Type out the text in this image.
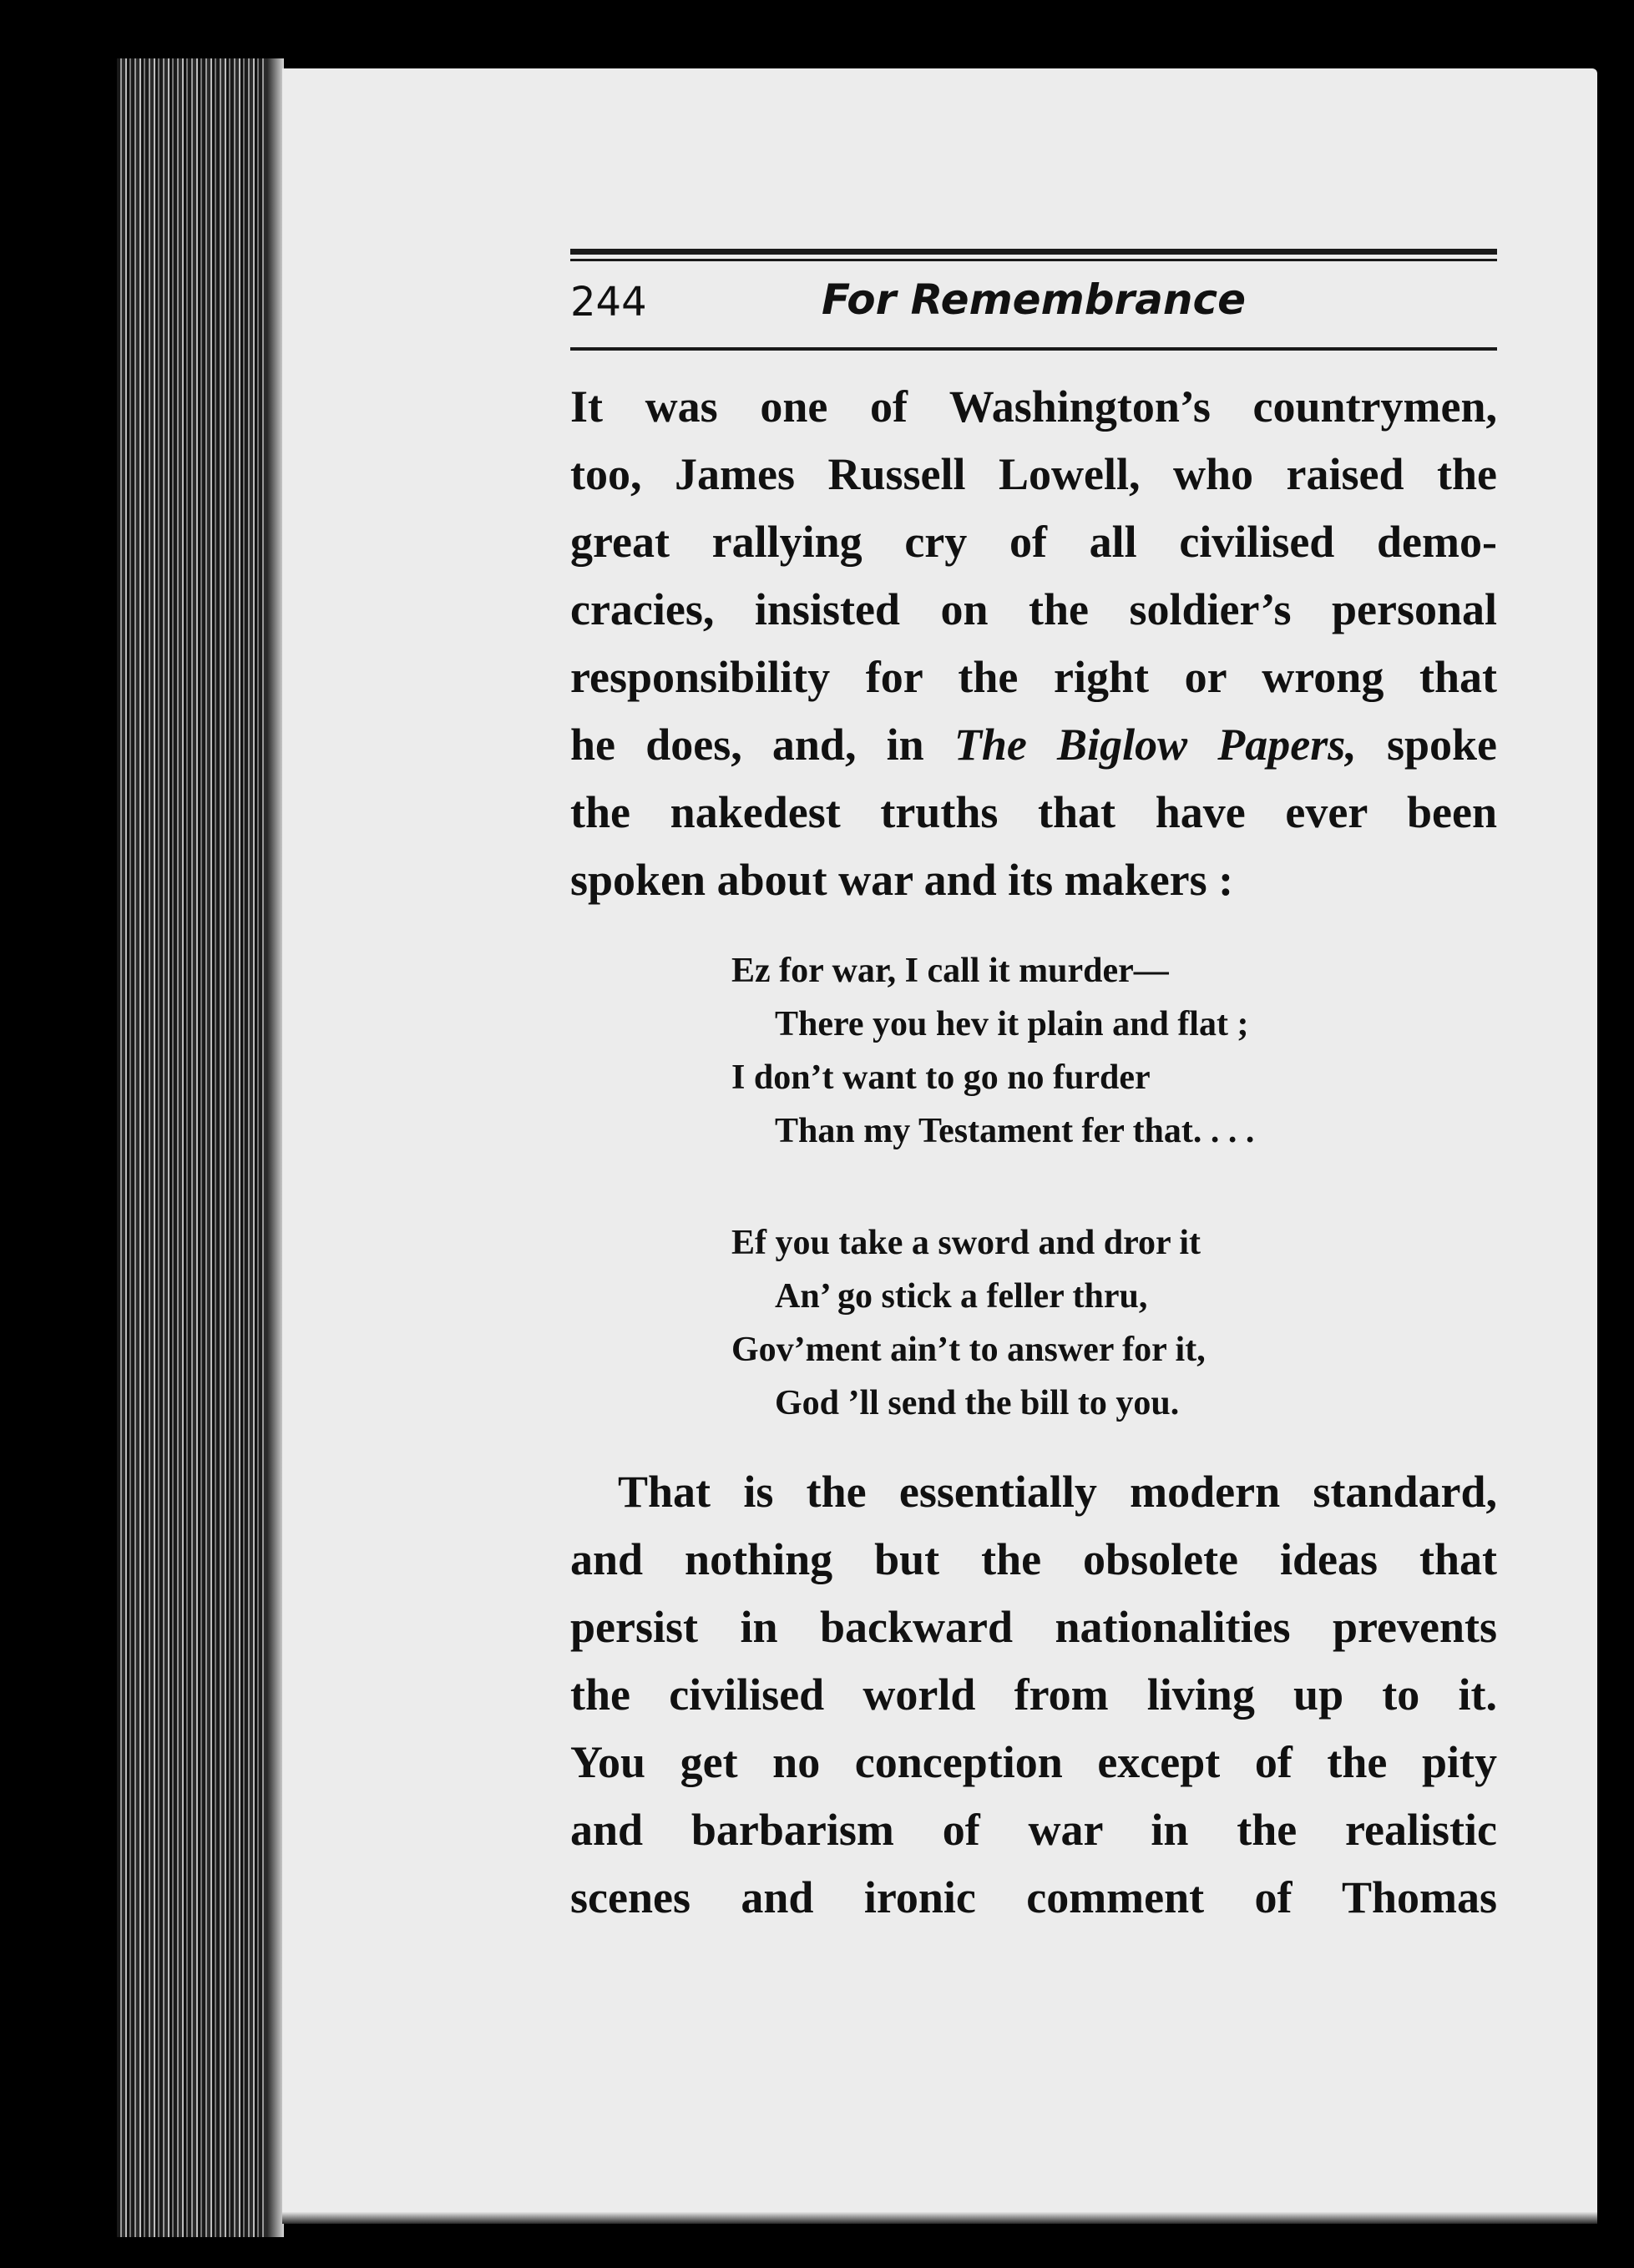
244	For Remembrance

It was one of Washington’s countrymen,
too, James Russell Lowell, who raised the
great rallying cry of all civilised demo-
cracies, insisted on the soldier’s personal
responsibility for the right or wrong that
he does, and, in The Biglow Papers, spoke
the nakedest truths that have ever been
spoken about war and its makers :

Ez for war, I call it murder—
There you hev it plain and flat ;
I don’t want to go no furder
Than my Testament fer that. . . .

Ef you take a sword and dror it
An’ go stick a feller thru,
Gov’ment ain’t to answer for it,
God ’ll send the bill to you.

That is the essentially modern standard,
and nothing but the obsolete ideas that
persist in backward nationalities prevents
the civilised world from living up to it.
You get no conception except of the pity
and barbarism of war in the realistic
scenes and ironic comment of Thomas
